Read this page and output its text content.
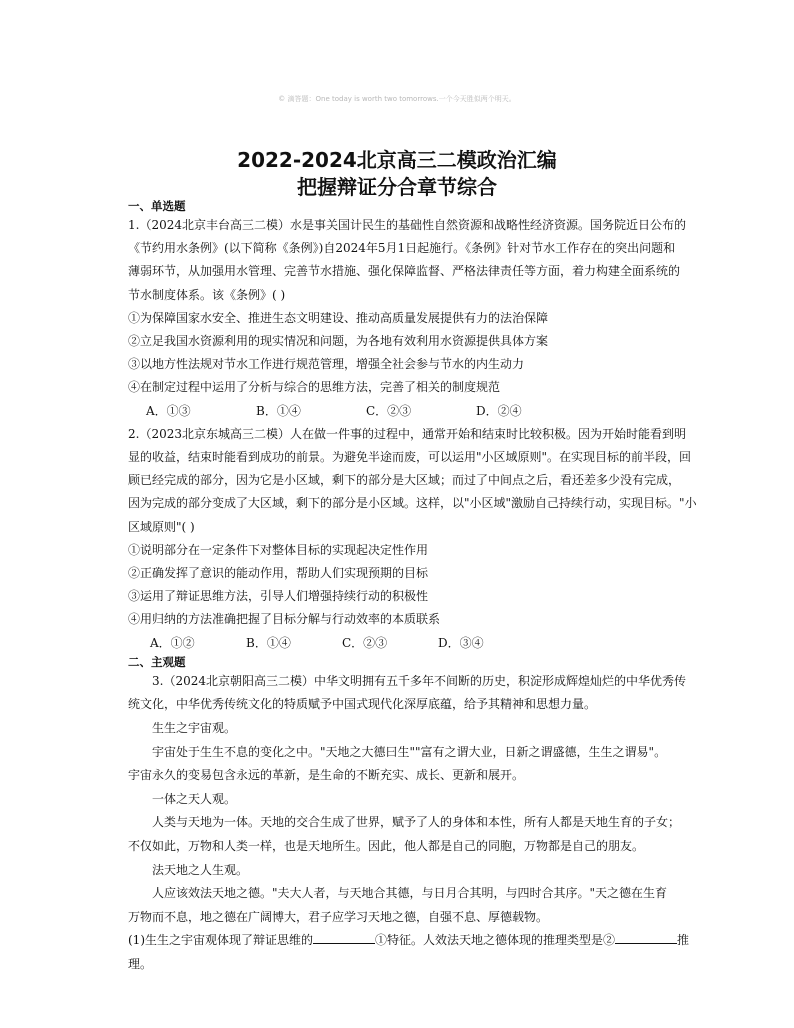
© 滴答题：One today is worth two tomorrows.一个今天胜似两个明天。
2022-2024北京高三二模政治汇编
把握辩证分合章节综合
一、单选题

1.（2024北京丰台高三二模）水是事关国计民生的基础性自然资源和战略性经济资源。国务院近日公布的

《节约用水条例》(以下简称《条例》)自2024年5月1日起施行。《条例》针对节水工作存在的突出问题和

薄弱环节，从加强用水管理、完善节水措施、强化保障监督、严格法律责任等方面，着力构建全面系统的

节水制度体系。该《条例》( )

①为保障国家水安全、推进生态文明建设、推动高质量发展提供有力的法治保障

②立足我国水资源利用的现实情况和问题，为各地有效利用水资源提供具体方案

③以地方性法规对节水工作进行规范管理，增强全社会参与节水的内生动力

④在制定过程中运用了分析与综合的思维方法，完善了相关的制度规范

A．①③	B．①④	C．②③	D．②④

2.（2023北京东城高三二模）人在做一件事的过程中，通常开始和结束时比较积极。因为开始时能看到明

显的收益，结束时能看到成功的前景。为避免半途而废，可以运用"小区域原则"。在实现目标的前半段，回

顾已经完成的部分，因为它是小区域，剩下的部分是大区域；而过了中间点之后，看还差多少没有完成，

因为完成的部分变成了大区域，剩下的部分是小区域。这样，以"小区域"激励自己持续行动，实现目标。"小

区域原则"( )

①说明部分在一定条件下对整体目标的实现起决定性作用

②正确发挥了意识的能动作用，帮助人们实现预期的目标

③运用了辩证思维方法，引导人们增强持续行动的积极性

④用归纳的方法准确把握了目标分解与行动效率的本质联系

A．①②	B．①④	C．②③	D．③④
二、主观题

3.（2024北京朝阳高三二模）中华文明拥有五千多年不间断的历史，积淀形成辉煌灿烂的中华优秀传

统文化，中华优秀传统文化的特质赋予中国式现代化深厚底蕴，给予其精神和思想力量。

生生之宇宙观。

宇宙处于生生不息的变化之中。"天地之大德曰生""富有之谓大业，日新之谓盛德，生生之谓易"。

宇宙永久的变易包含永远的革新，是生命的不断充实、成长、更新和展开。

一体之天人观。

人类与天地为一体。天地的交合生成了世界，赋予了人的身体和本性，所有人都是天地生育的子女；

不仅如此，万物和人类一样，也是天地所生。因此，他人都是自己的同胞，万物都是自己的朋友。

法天地之人生观。

人应该效法天地之德。"夫大人者，与天地合其德，与日月合其明，与四时合其序。"天之德在生育

万物而不息，地之德在广阔博大，君子应学习天地之德，自强不息、厚德载物。

(1)生生之宇宙观体现了辩证思维的	①特征。人效法天地之德体现的推理类型是②	推

理。
